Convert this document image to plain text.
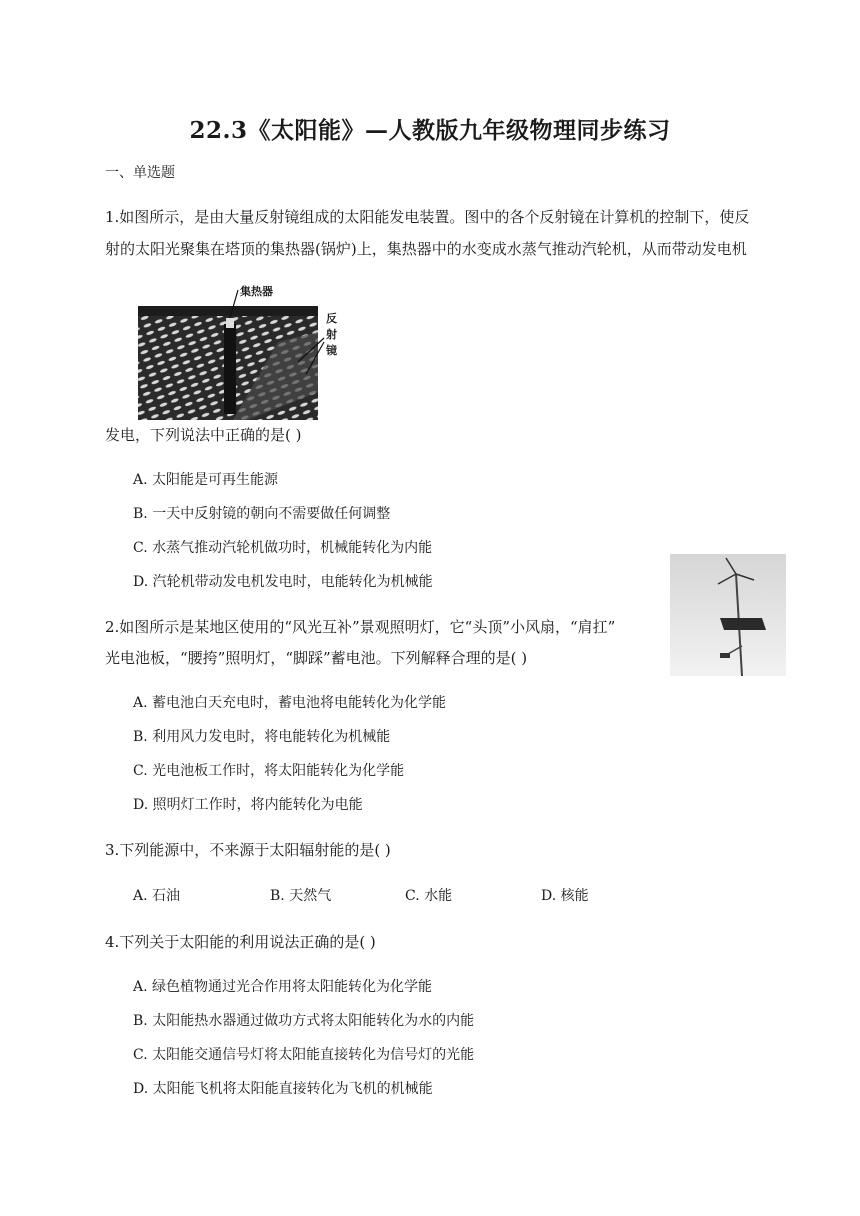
22.3《太阳能》—人教版九年级物理同步练习
一、单选题
1.如图所示，是由大量反射镜组成的太阳能发电装置。图中的各个反射镜在计算机的控制下，使反
射的太阳光聚集在塔顶的集热器(锅炉)上，集热器中的水变成水蒸气推动汽轮机，从而带动发电机
集热器
反
射
镜
发电，下列说法中正确的是( )
A. 太阳能是可再生能源
B. 一天中反射镜的朝向不需要做任何调整
C. 水蒸气推动汽轮机做功时，机械能转化为内能
D. 汽轮机带动发电机发电时，电能转化为机械能
2.如图所示是某地区使用的“风光互补”景观照明灯，它“头顶”小风扇，“肩扛”
光电池板，“腰挎”照明灯，“脚踩”蓄电池。下列解释合理的是( )
A. 蓄电池白天充电时，蓄电池将电能转化为化学能
B. 利用风力发电时，将电能转化为机械能
C. 光电池板工作时，将太阳能转化为化学能
D. 照明灯工作时，将内能转化为电能
3.下列能源中，不来源于太阳辐射能的是( )
A. 石油	B. 天然气	C. 水能	D. 核能
4.下列关于太阳能的利用说法正确的是( )
A. 绿色植物通过光合作用将太阳能转化为化学能
B. 太阳能热水器通过做功方式将太阳能转化为水的内能
C. 太阳能交通信号灯将太阳能直接转化为信号灯的光能
D. 太阳能飞机将太阳能直接转化为飞机的机械能
